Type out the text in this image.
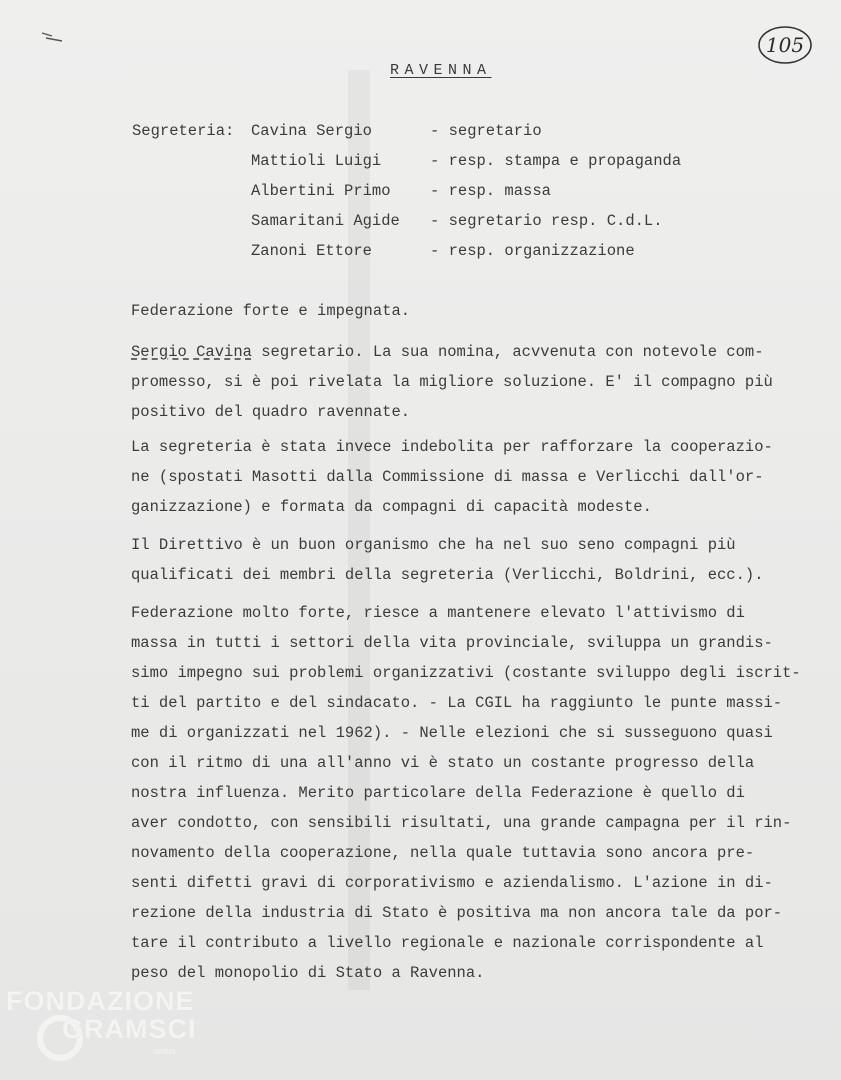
105
RAVENNA
Segreteria: Cavina Sergio	- segretario
Mattioli Luigi	- resp. stampa e propaganda
Albertini Primo	- resp. massa
Samaritani Agide - segretario resp. C.d.L.
Zanoni Ettore	- resp. organizzazione
Federazione forte e impegnata.
Sergio Cavina segretario. La sua nomina, acvvenuta con notevole com-
promesso, si è poi rivelata la migliore soluzione. E' il compagno più
positivo del quadro ravennate.
La segreteria è stata invece indebolita per rafforzare la cooperazio-
ne (spostati Masotti dalla Commissione di massa e Verlicchi dall'or-
ganizzazione) e formata da compagni di capacità modeste.
Il Direttivo è un buon organismo che ha nel suo seno compagni più
qualificati dei membri della segreteria (Verlicchi, Boldrini, ecc.).
Federazione molto forte, riesce a mantenere elevato l'attivismo di
massa in tutti i settori della vita provinciale, sviluppa un grandis-
simo impegno sui problemi organizzativi (costante sviluppo degli iscrit-
ti del partito e del sindacato. - La CGIL ha raggiunto le punte massi-
me di organizzati nel 1962). - Nelle elezioni che si susseguono quasi
con il ritmo di una all'anno vi è stato un costante progresso della
nostra influenza. Merito particolare della Federazione è quello di
aver condotto, con sensibili risultati, una grande campagna per il rin-
novamento della cooperazione, nella quale tuttavia sono ancora pre-
senti difetti gravi di corporativismo e aziendalismo. L'azione in di-
rezione della industria di Stato è positiva ma non ancora tale da por-
tare il contributo a livello regionale e nazionale corrispondente al
peso del monopolio di Stato a Ravenna.
FONDAZIONE
GRAMSCI
onlus
